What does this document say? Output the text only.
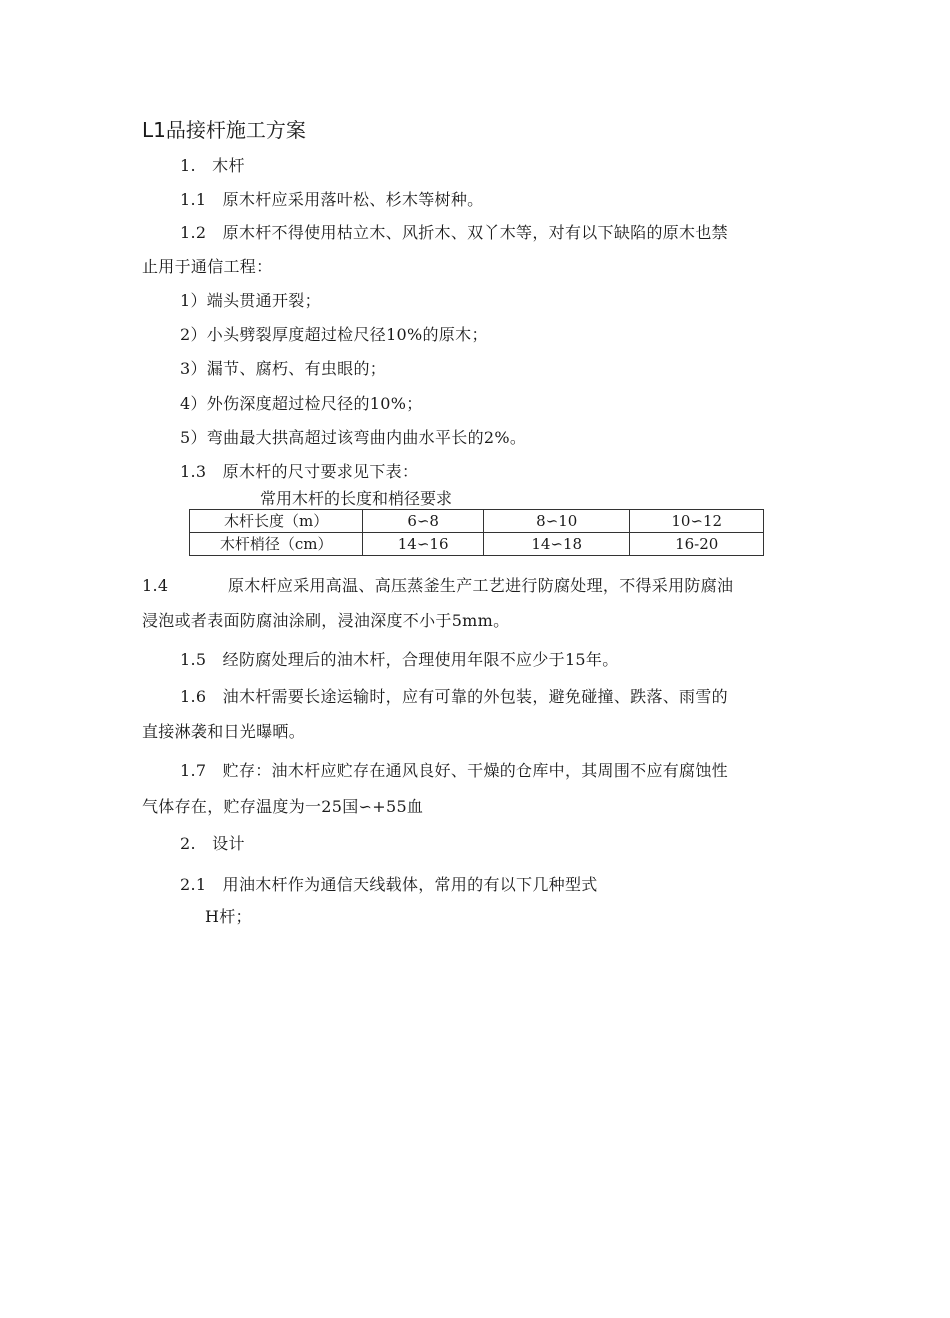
L1品接杆施工方案
1.　木杆
1.1　原木杆应采用落叶松、杉木等树种。
1.2　原木杆不得使用枯立木、风折木、双丫木等，对有以下缺陷的原木也禁
止用于通信工程：
1）端头贯通开裂；
2）小头劈裂厚度超过检尺径10%的原木；
3）漏节、腐朽、有虫眼的；
4）外伤深度超过检尺径的10%；
5）弯曲最大拱高超过该弯曲内曲水平长的2%。
1.3　原木杆的尺寸要求见下表：
常用木杆的长度和梢径要求
木杆长度（m）	6∽8	8∽10	10∽12
木杆梢径（cm）	14∽16	14∽18	16-20
1.4	原木杆应采用高温、高压蒸釜生产工艺进行防腐处理，不得采用防腐油
浸泡或者表面防腐油涂刷，浸油深度不小于5mm。
1.5　经防腐处理后的油木杆，合理使用年限不应少于15年。
1.6　油木杆需要长途运输时，应有可靠的外包装，避免碰撞、跌落、雨雪的
直接淋袭和日光曝晒。
1.7　贮存：油木杆应贮存在通风良好、干燥的仓库中，其周围不应有腐蚀性
气体存在，贮存温度为一25国∽+55血
2.　设计
2.1　用油木杆作为通信天线载体，常用的有以下几种型式
H杆；
